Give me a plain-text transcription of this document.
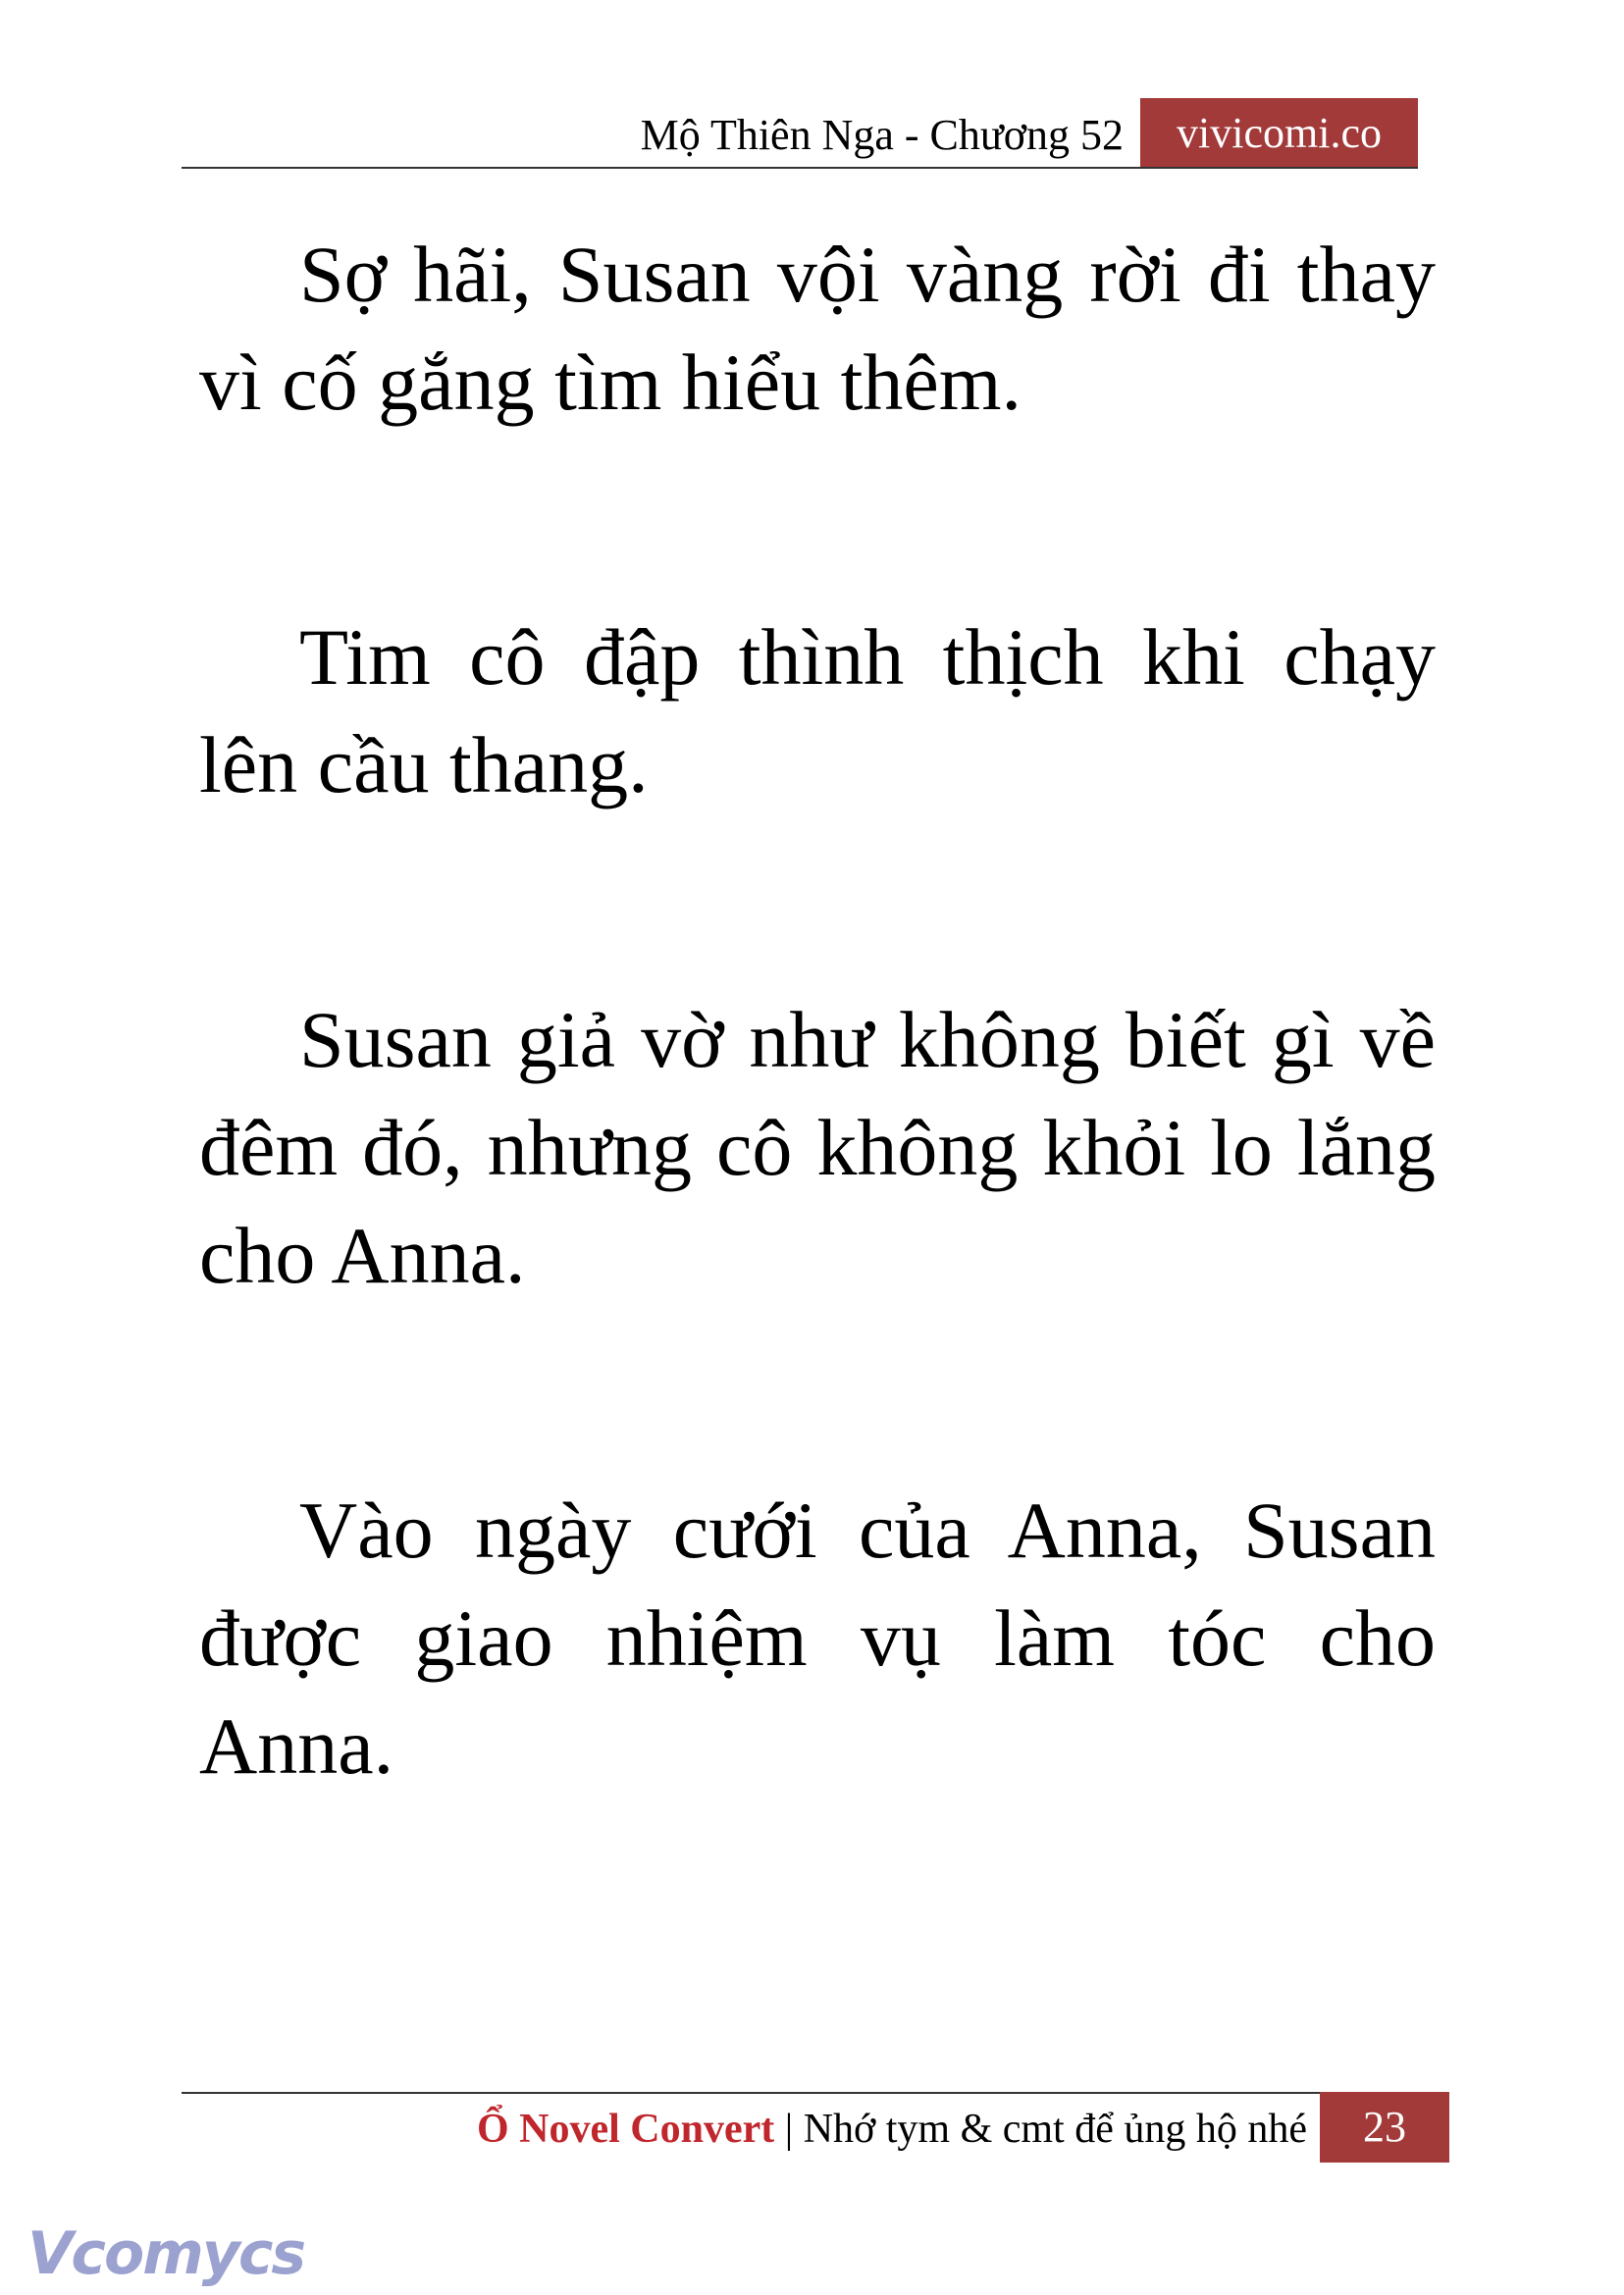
Mộ Thiên Nga - Chương 52	vivicomi.co

Sợ hãi, Susan vội vàng rời đi thay vì cố gắng tìm hiểu thêm.

Tim cô đập thình thịch khi chạy lên cầu thang.

Susan giả vờ như không biết gì về đêm đó, nhưng cô không khỏi lo lắng cho Anna.

Vào ngày cưới của Anna, Susan được giao nhiệm vụ làm tóc cho Anna.

Ổ Novel Convert | Nhớ tym & cmt để ủng hộ nhé	23
Vcomycs
